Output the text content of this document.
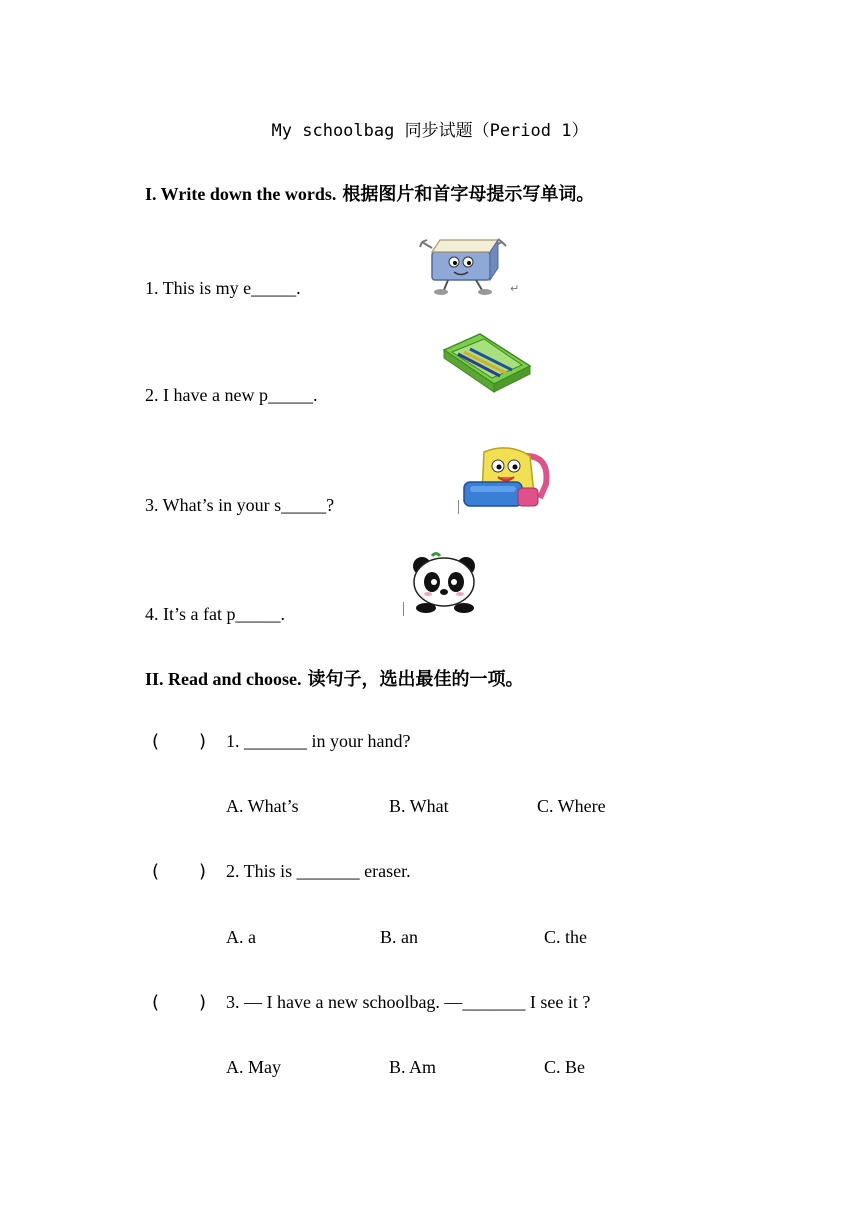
My schoolbag 同步试题（Period 1）
I. Write down the words. 根据图片和首字母提示写单词。
1. This is my e_____.
2. I have a new p_____.
3. What’s in your s_____?
4. It’s a fat p_____.
↵
II. Read and choose. 读句子，选出最佳的一项。
( ) 1. _______ in your hand?
A. What’s	B. What	C. Where
( ) 2. This is _______ eraser.
A. a	B. an	C. the
( ) 3. — I have a new schoolbag. —_______ I see it ?
A. May	B. Am	C. Be
